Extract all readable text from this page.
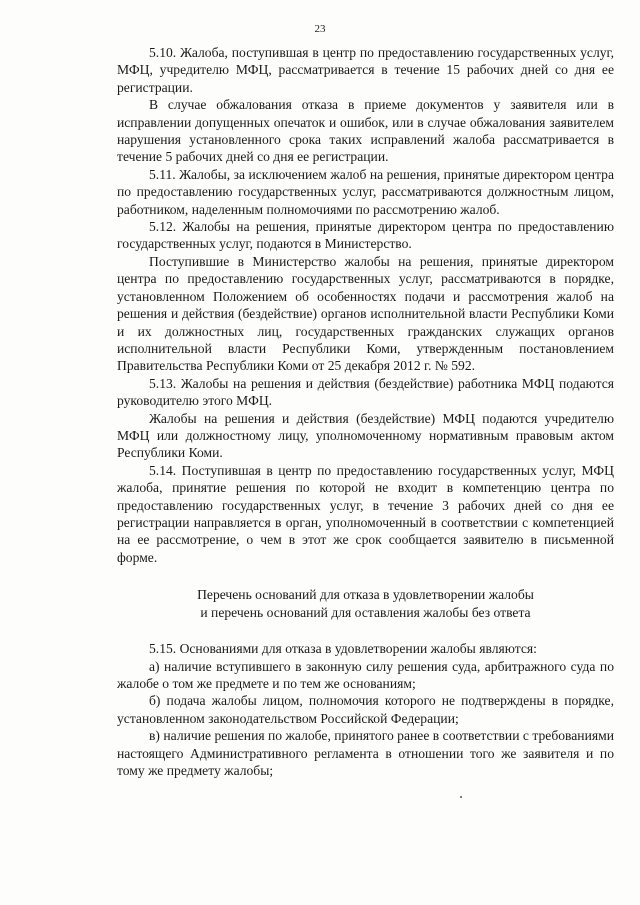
23

5.10. Жалоба, поступившая в центр по предоставлению государственных услуг, МФЦ, учредителю МФЦ, рассматривается в течение 15 рабочих дней со дня ее регистрации.

В случае обжалования отказа в приеме документов у заявителя или в исправлении допущенных опечаток и ошибок, или в случае обжалования заявителем нарушения установленного срока таких исправлений жалоба рассматривается в течение 5 рабочих дней со дня ее регистрации.

5.11. Жалобы, за исключением жалоб на решения, принятые директором центра по предоставлению государственных услуг, рассматриваются должностным лицом, работником, наделенным полномочиями по рассмотрению жалоб.

5.12. Жалобы на решения, принятые директором центра по предоставлению государственных услуг, подаются в Министерство.

Поступившие в Министерство жалобы на решения, принятые директором центра по предоставлению государственных услуг, рассматриваются в порядке, установленном Положением об особенностях подачи и рассмотрения жалоб на решения и действия (бездействие) органов исполнительной власти Республики Коми и их должностных лиц, государственных гражданских служащих органов исполнительной власти Республики Коми, утвержденным постановлением Правительства Республики Коми от 25 декабря 2012 г. № 592.

5.13. Жалобы на решения и действия (бездействие) работника МФЦ подаются руководителю этого МФЦ.

Жалобы на решения и действия (бездействие) МФЦ подаются учредителю МФЦ или должностному лицу, уполномоченному нормативным правовым актом Республики Коми.

5.14. Поступившая в центр по предоставлению государственных услуг, МФЦ жалоба, принятие решения по которой не входит в компетенцию центра по предоставлению государственных услуг, в течение 3 рабочих дней со дня ее регистрации направляется в орган, уполномоченный в соответствии с компетенцией на ее рассмотрение, о чем в этот же срок сообщается заявителю в письменной форме.

Перечень оснований для отказа в удовлетворении жалобы
и перечень оснований для оставления жалобы без ответа

5.15. Основаниями для отказа в удовлетворении жалобы являются:

а) наличие вступившего в законную силу решения суда, арбитражного суда по жалобе о том же предмете и по тем же основаниям;

б) подача жалобы лицом, полномочия которого не подтверждены в порядке, установленном законодательством Российской Федерации;

в) наличие решения по жалобе, принятого ранее в соответствии с требованиями настоящего Административного регламента в отношении того же заявителя и по тому же предмету жалобы;
